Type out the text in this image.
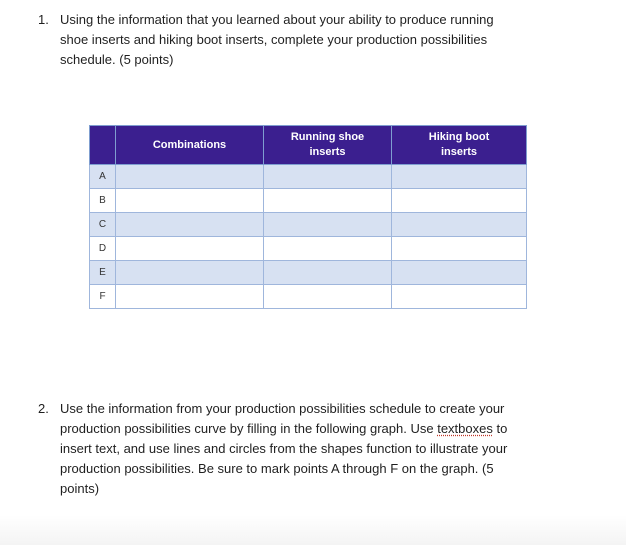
1. Using the information that you learned about your ability to produce running
shoe inserts and hiking boot inserts, complete your production possibilities
schedule. (5 points)
	Combinations	Running shoe
inserts	Hiking boot
inserts
A			
B			
C			
D			
E			
F			
2. Use the information from your production possibilities schedule to create your
production possibilities curve by filling in the following graph. Use textboxes to
insert text, and use lines and circles from the shapes function to illustrate your
production possibilities. Be sure to mark points A through F on the graph. (5
points)
